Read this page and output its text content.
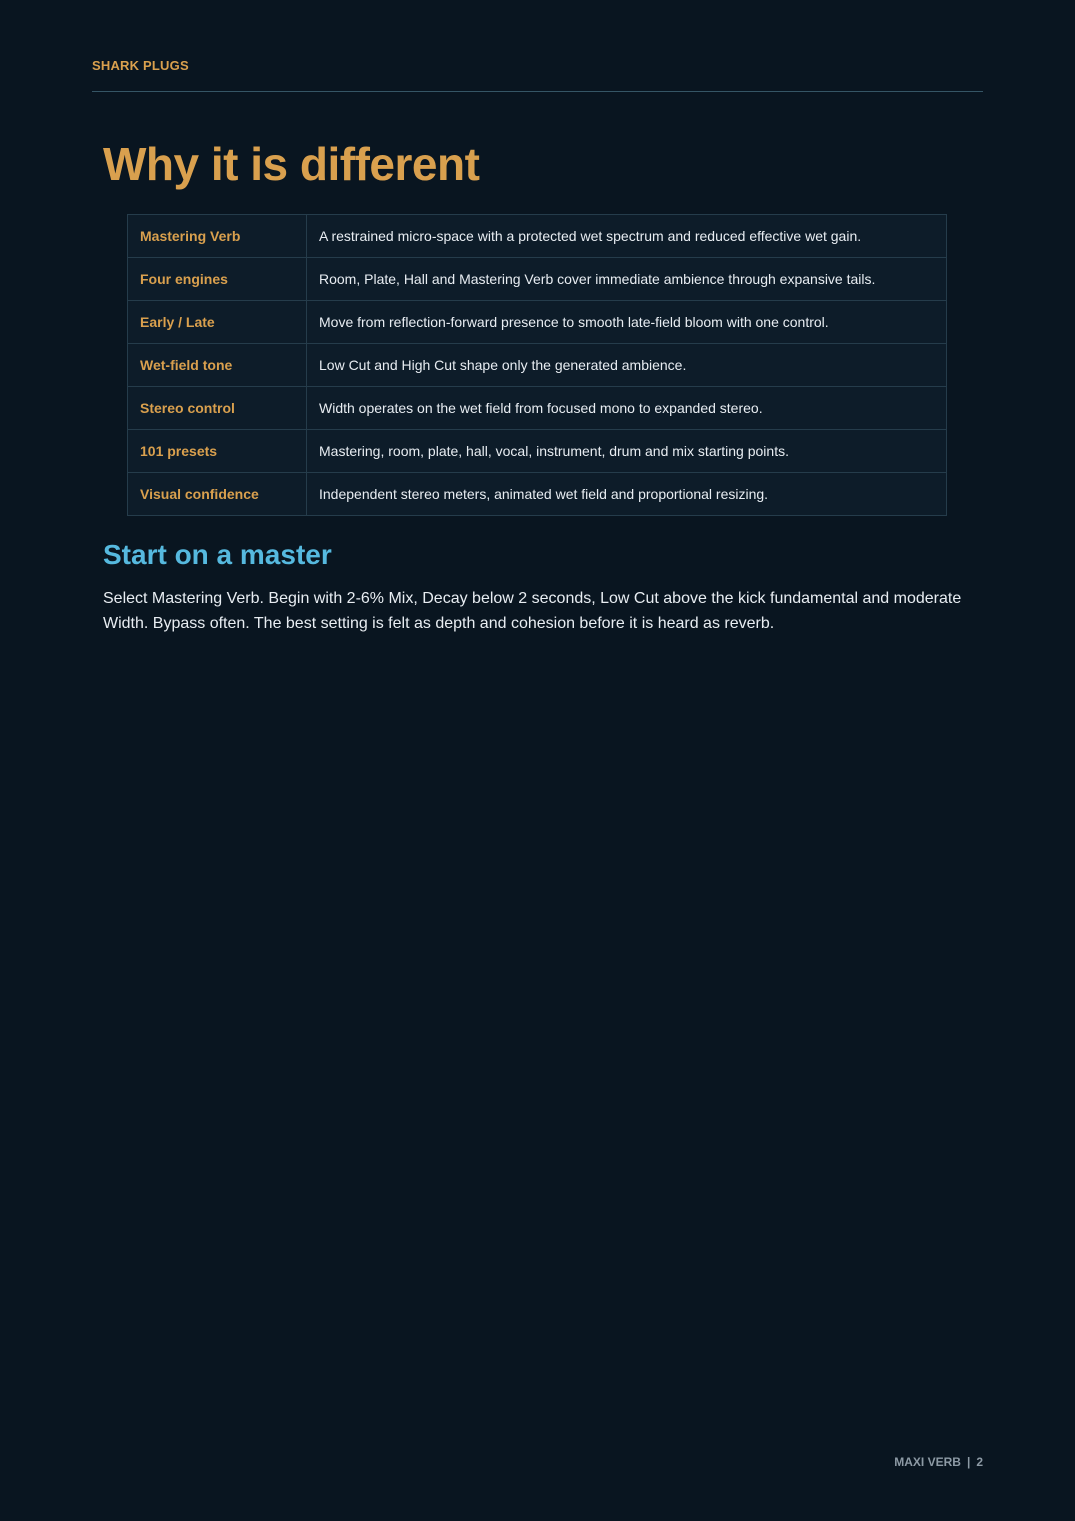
SHARK PLUGS
Why it is different
Mastering Verb	A restrained micro-space with a protected wet spectrum and reduced effective wet gain.
Four engines	Room, Plate, Hall and Mastering Verb cover immediate ambience through expansive tails.
Early / Late	Move from reflection-forward presence to smooth late-field bloom with one control.
Wet-field tone	Low Cut and High Cut shape only the generated ambience.
Stereo control	Width operates on the wet field from focused mono to expanded stereo.
101 presets	Mastering, room, plate, hall, vocal, instrument, drum and mix starting points.
Visual confidence	Independent stereo meters, animated wet field and proportional resizing.
Start on a master

Select Mastering Verb. Begin with 2-6% Mix, Decay below 2 seconds, Low Cut above the kick fundamental and moderate Width. Bypass often. The best setting is felt as depth and cohesion before it is heard as reverb.

MAXI VERB | 2
